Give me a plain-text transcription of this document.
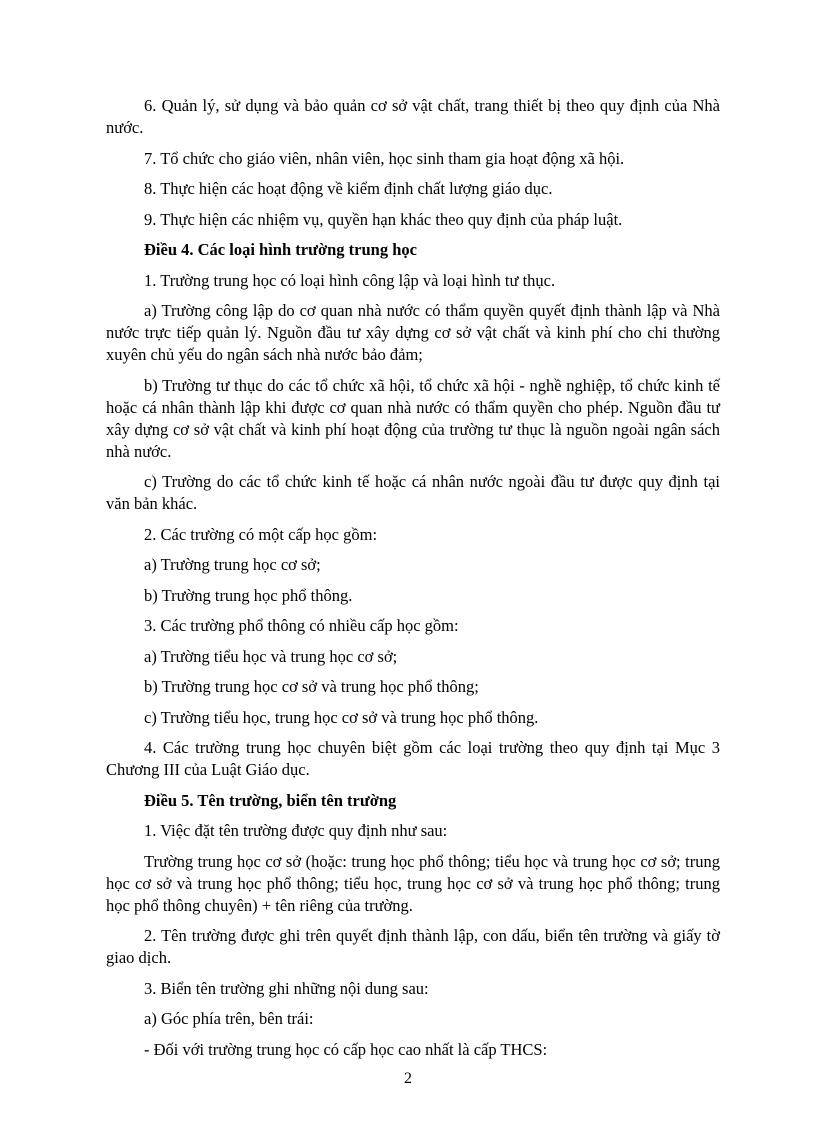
6. Quản lý, sử dụng và bảo quản cơ sở vật chất, trang thiết bị theo quy định của Nhà nước.

7. Tổ chức cho giáo viên, nhân viên, học sinh tham gia hoạt động xã hội.

8. Thực hiện các hoạt động về kiểm định chất lượng giáo dục.

9. Thực hiện các nhiệm vụ, quyền hạn khác theo quy định của pháp luật.

Điều 4. Các loại hình trường trung học

1. Trường trung học có loại hình công lập và loại hình tư thục.

a) Trường công lập do cơ quan nhà nước có thẩm quyền quyết định thành lập và Nhà nước trực tiếp quản lý. Nguồn đầu tư xây dựng cơ sở vật chất và kinh phí cho chi thường xuyên chủ yếu do ngân sách nhà nước bảo đảm;

b) Trường tư thục do các tổ chức xã hội, tổ chức xã hội - nghề nghiệp, tổ chức kinh tế hoặc cá nhân thành lập khi được cơ quan nhà nước có thẩm quyền cho phép. Nguồn đầu tư xây dựng cơ sở vật chất và kinh phí hoạt động của trường tư thục là nguồn ngoài ngân sách nhà nước.

c) Trường do các tổ chức kinh tế hoặc cá nhân nước ngoài đầu tư được quy định tại văn bản khác.

2. Các trường có một cấp học gồm:

a) Trường trung học cơ sở;

b) Trường trung học phổ thông.

3. Các trường phổ thông có nhiều cấp học gồm:

a) Trường tiểu học và trung học cơ sở;

b) Trường trung học cơ sở và trung học phổ thông;

c) Trường tiểu học, trung học cơ sở và trung học phổ thông.

4. Các trường trung học chuyên biệt gồm các loại trường theo quy định tại Mục 3 Chương III của Luật Giáo dục.

Điều 5. Tên trường, biển tên trường

1. Việc đặt tên trường được quy định như sau:

Trường trung học cơ sở (hoặc: trung học phổ thông; tiểu học và trung học cơ sở; trung học cơ sở và trung học phổ thông; tiểu học, trung học cơ sở và trung học phổ thông; trung học phổ thông chuyên) + tên riêng của trường.

2. Tên trường được ghi trên quyết định thành lập, con dấu, biển tên trường và giấy tờ giao dịch.

3. Biển tên trường ghi những nội dung sau:

a) Góc phía trên, bên trái:

- Đối với trường trung học có cấp học cao nhất là cấp THCS:

2
